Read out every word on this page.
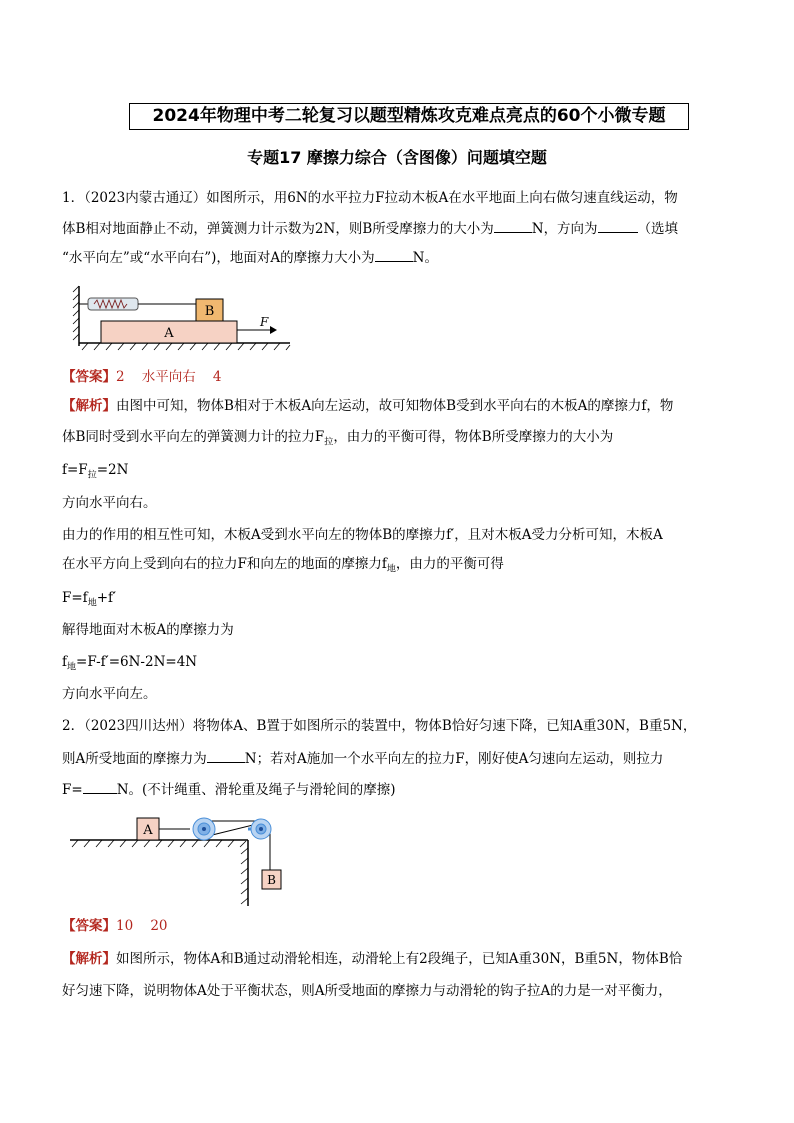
2024年物理中考二轮复习以题型精炼攻克难点亮点的60个小微专题
专题17 摩擦力综合（含图像）问题填空题
1．（2023内蒙古通辽）如图所示，用6N的水平拉力F拉动木板A在水平地面上向右做匀速直线运动，物
体B相对地面静止不动，弹簧测力计示数为2N，则B所受摩擦力的大小为	N，方向为	（选填
“水平向左”或“水平向右”)，地面对A的摩擦力大小为	N。
A
B
F
【答案】2    水平向右    4
【解析】由图中可知，物体B相对于木板A向左运动，故可知物体B受到水平向右的木板A的摩擦力f，物
体B同时受到水平向左的弹簧测力计的拉力$F_拉$，由力的平衡可得，物体B所受摩擦力的大小为
$f=F_拉=2N$
方向水平向右。
由力的作用的相互性可知，木板A受到水平向左的物体B的摩擦力f′，且对木板A受力分析可知，木板A
在水平方向上受到向右的拉力F和向左的地面的摩擦力$f_地$，由力的平衡可得
$F=f_地+f'$
解得地面对木板A的摩擦力为
$f_地=F-f'=6N-2N=4N$
方向水平向左。
2．（2023四川达州）将物体A、B置于如图所示的装置中，物体B恰好匀速下降，已知A重30N，B重5N，
则A所受地面的摩擦力为	N；若对A施加一个水平向左的拉力F，刚好使A匀速向左运动，则拉力
F=	N。(不计绳重、滑轮重及绳子与滑轮间的摩擦)
A
B
【答案】10    20
【解析】如图所示，物体A和B通过动滑轮相连，动滑轮上有2段绳子，已知A重30N，B重5N，物体B恰
好匀速下降，说明物体A处于平衡状态，则A所受地面的摩擦力与动滑轮的钩子拉A的力是一对平衡力，
